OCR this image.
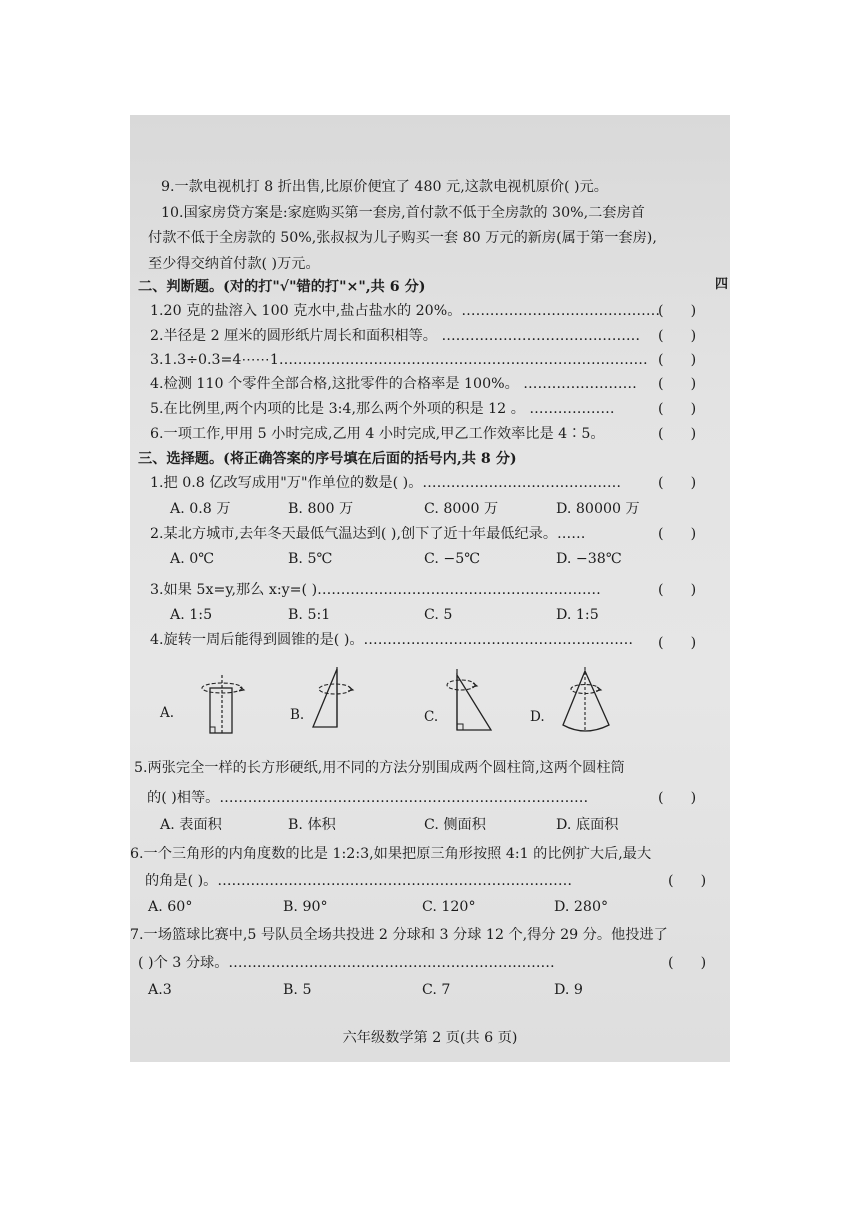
9.一款电视机打 8 折出售,比原价便宜了 480 元,这款电视机原价( )元。
10.国家房贷方案是:家庭购买第一套房,首付款不低于全房款的 30%,二套房首
付款不低于全房款的 50%,张叔叔为儿子购买一套 80 万元的新房(属于第一套房),
至少得交纳首付款( )万元。
四
二、判断题。(对的打"√"错的打"×",共 6 分)
1.20 克的盐溶入 100 克水中,盐占盐水的 20%。……………………………………
(      )
2.半径是 2 厘米的圆形纸片周长和面积相等。 …………………………………… (      )
3.1.3÷0.3=4⋯⋯1…………………………………………………………………… (      )
4.检测 110 个零件全部合格,这批零件的合格率是 100%。 …………………… (      )
5.在比例里,两个内项的比是 3:4,那么两个外项的积是 12 。 ………………	(      )
6.一项工作,甲用 5 小时完成,乙用 4 小时完成,甲乙工作效率比是 4∶5。	(      )
三、选择题。(将正确答案的序号填在后面的括号内,共 8 分)
1.把 0.8 亿改写成用"万"作单位的数是( )。……………………………………	(      )
A. 0.8 万	B. 800 万	C. 8000 万	D. 80000 万
2.某北方城市,去年冬天最低气温达到( ),创下了近十年最低纪录。……	(      )
A. 0℃	B. 5℃	C. −5℃	D. −38℃
3.如果 5x=y,那么 x:y=( )……………………………………………………	(      )
A. 1:5	B. 5:1	C. 5	D. 1:5
4.旋转一周后能得到圆锥的是( )。………………………………………………… (      )
A.	B.	C.	D.
5.两张完全一样的长方形硬纸,用不同的方法分别围成两个圆柱筒,这两个圆柱筒
的( )相等。……………………………………………………………………	(      )
A. 表面积	B. 体积	C. 侧面积	D. 底面积
6.一个三角形的内角度数的比是 1:2:3,如果把原三角形按照 4:1 的比例扩大后,最大
的角是( )。…………………………………………………………………	(      )
A. 60°	B. 90°	C. 120°	D. 280°
7.一场篮球比赛中,5 号队员全场共投进 2 分球和 3 分球 12 个,得分 29 分。他投进了
( )个 3 分球。……………………………………………………………	(      )
A.3	B. 5	C. 7	D. 9
六年级数学第 2 页(共 6 页)
